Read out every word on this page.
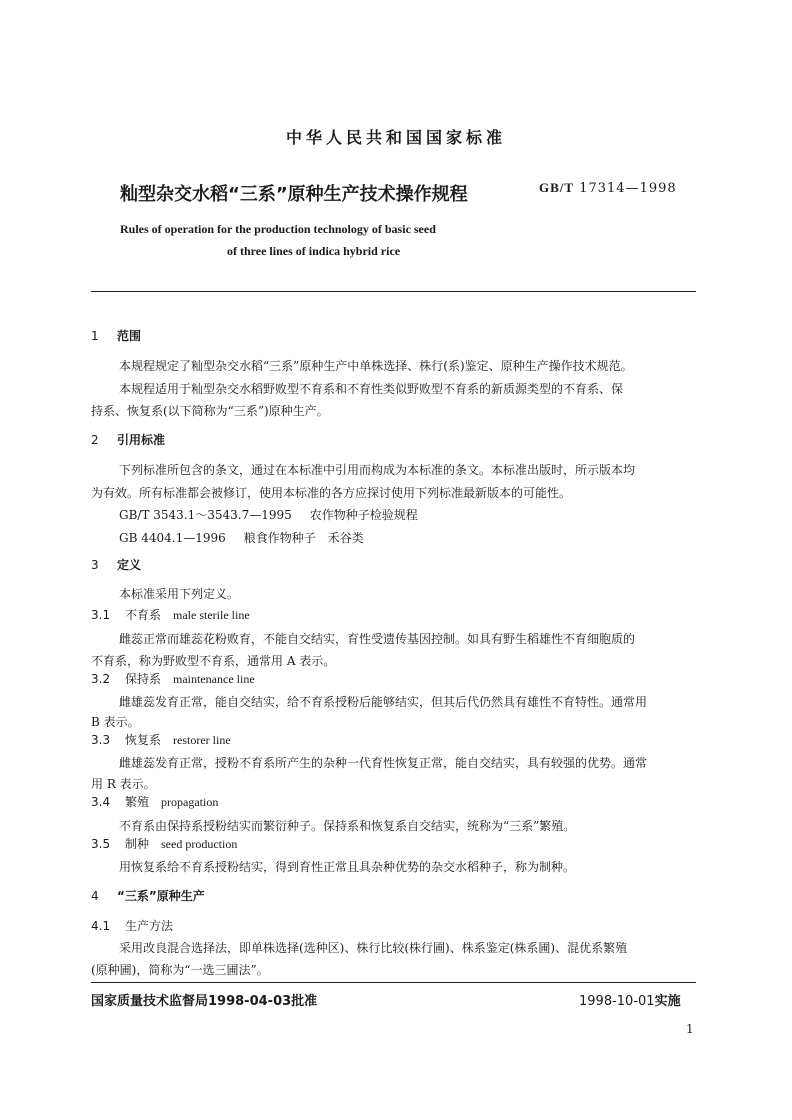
中华人民共和国国家标准
籼型杂交水稻“三系”原种生产技术操作规程	GB/T 17314—1998
Rules of operation for the production technology of basic seed
of three lines of indica hybrid rice
1 范围
本规程规定了籼型杂交水稻“三系”原种生产中单株选择、株行(系)鉴定、原种生产操作技术规范。
本规程适用于籼型杂交水稻野败型不育系和不育性类似野败型不育系的新质源类型的不育系、保
持系、恢复系(以下简称为“三系”)原种生产。
2 引用标准
下列标准所包含的条文，通过在本标准中引用而构成为本标准的条文。本标准出版时，所示版本均
为有效。所有标准都会被修订，使用本标准的各方应探讨使用下列标准最新版本的可能性。
GB/T 3543.1～3543.7—1995 农作物种子检验规程
GB 4404.1—1996 粮食作物种子　禾谷类
3 定义
本标准采用下列定义。
3.1 不育系 male sterile line
雌蕊正常而雄蕊花粉败育，不能自交结实，育性受遗传基因控制。如具有野生稻雄性不育细胞质的
不育系，称为野败型不育系，通常用 A 表示。
3.2 保持系 maintenance line
雌雄蕊发育正常，能自交结实，给不育系授粉后能够结实，但其后代仍然具有雄性不育特性。通常用
B 表示。
3.3 恢复系 restorer line
雌雄蕊发育正常，授粉不育系所产生的杂种一代育性恢复正常，能自交结实，具有较强的优势。通常
用 R 表示。
3.4 繁殖 propagation
不育系由保持系授粉结实而繁衍种子。保持系和恢复系自交结实，统称为“三系”繁殖。
3.5 制种 seed production
用恢复系给不育系授粉结实，得到育性正常且具杂种优势的杂交水稻种子，称为制种。
4 “三系”原种生产
4.1 生产方法
采用改良混合选择法，即单株选择(选种区)、株行比较(株行圃)、株系鉴定(株系圃)、混优系繁殖
(原种圃)，简称为“一选三圃法”。
国家质量技术监督局1998-04-03批准	1998-10-01实施
1
